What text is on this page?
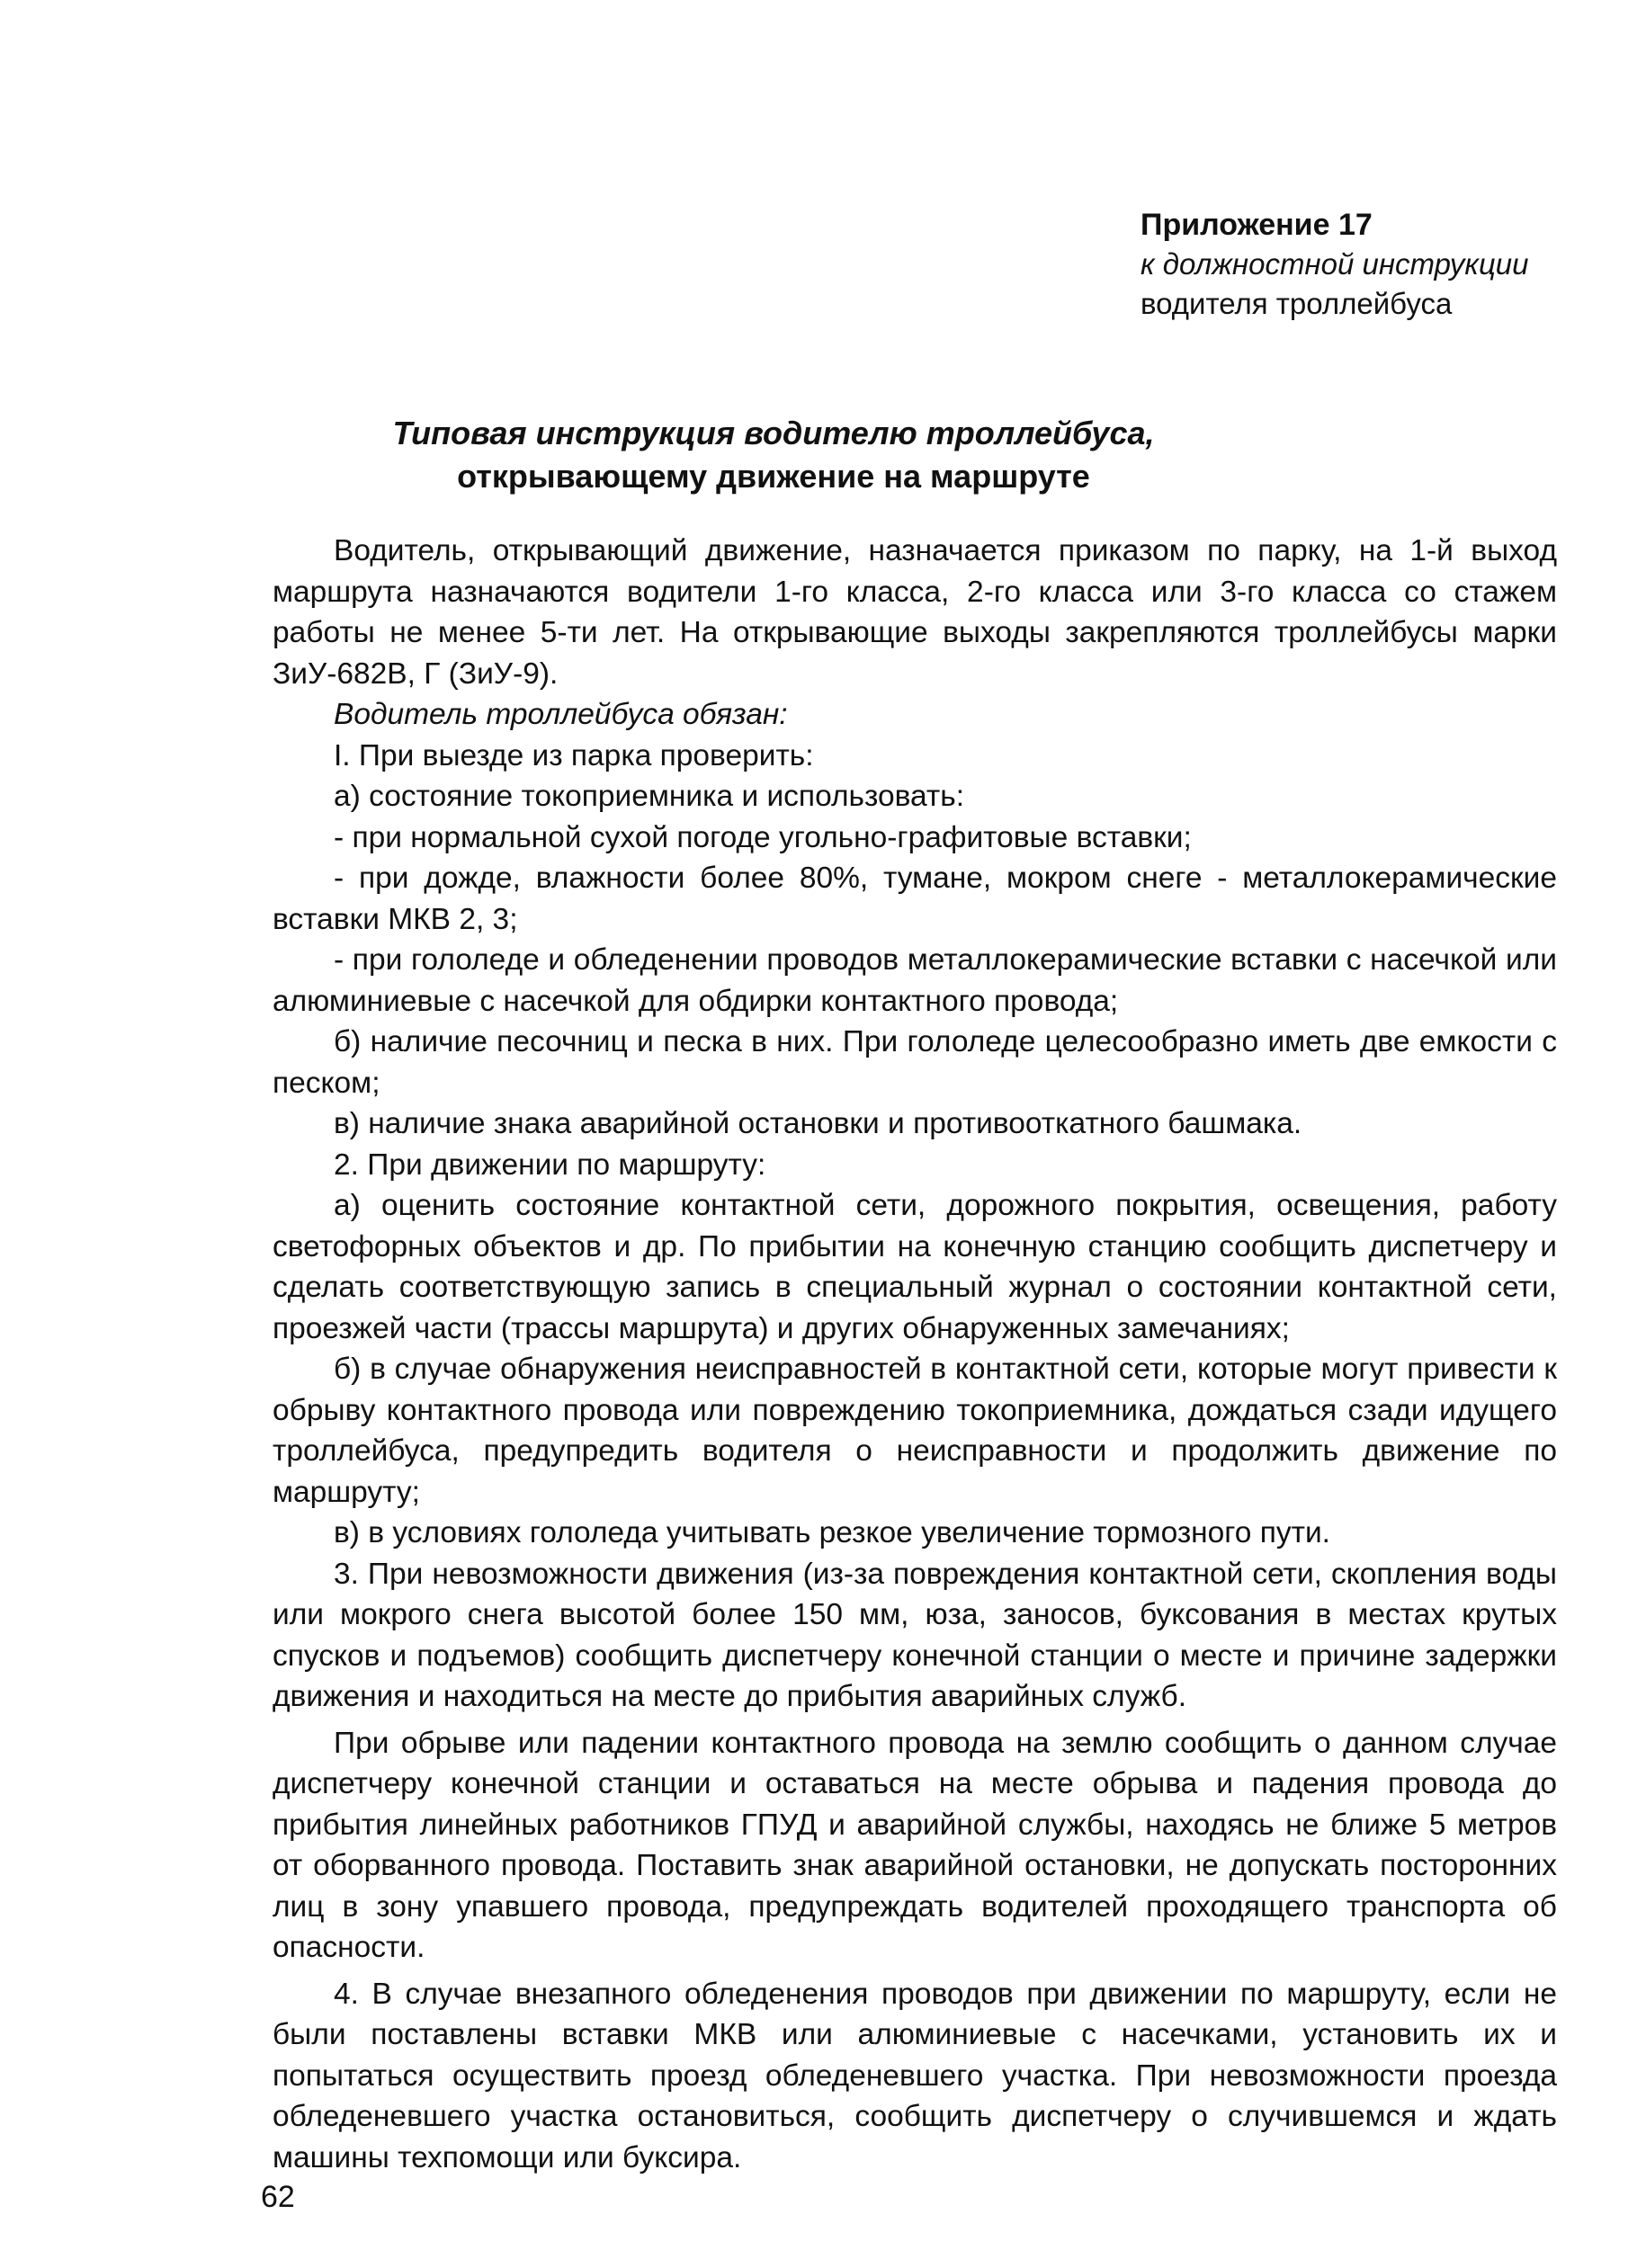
Приложение 17
к должностной инструкции
водителя троллейбуса
Типовая инструкция водителю троллейбуса,
открывающему движение на маршруте

Водитель, открывающий движение, назначается приказом по парку, на 1-й выход маршрута назначаются водители 1-го класса, 2-го класса или 3-го класса со стажем работы не менее 5-ти лет. На открывающие выходы закрепляются троллейбусы марки ЗиУ-682В, Г (ЗиУ-9).

Водитель троллейбуса обязан:

I. При выезде из парка проверить:

а) состояние токоприемника и использовать:

- при нормальной сухой погоде угольно-графитовые вставки;

- при дожде, влажности более 80%, тумане, мокром снеге - металлокерамические вставки МКВ 2, 3;

- при гололеде и обледенении проводов металлокерамические вставки с насечкой или алюминиевые с насечкой для обдирки контактного провода;

б) наличие песочниц и песка в них. При гололеде целесообразно иметь две емкости с песком;

в) наличие знака аварийной остановки и противооткатного башмака.

2. При движении по маршруту:

а) оценить состояние контактной сети, дорожного покрытия, освещения, работу светофорных объектов и др. По прибытии на конечную станцию сообщить диспетчеру и сделать соответствующую запись в специальный журнал о состоянии контактной сети, проезжей части (трассы маршрута) и других обнаруженных замечаниях;

б) в случае обнаружения неисправностей в контактной сети, которые могут привести к обрыву контактного провода или повреждению токоприемника, дождаться сзади идущего троллейбуса, предупредить водителя о неисправности и продолжить движение по маршруту;

в) в условиях гололеда учитывать резкое увеличение тормозного пути.

3. При невозможности движения (из-за повреждения контактной сети, скопления воды или мокрого снега высотой более 150 мм, юза, заносов, буксования в местах крутых спусков и подъемов) сообщить диспетчеру конечной станции о месте и причине задержки движения и находиться на месте до прибытия аварийных служб.

При обрыве или падении контактного провода на землю сообщить о данном случае диспетчеру конечной станции и оставаться на месте обрыва и падения провода до прибытия линейных работников ГПУД и аварийной службы, находясь не ближе 5 метров от оборванного провода. Поставить знак аварийной остановки, не допускать посторонних лиц в зону упавшего провода, предупреждать водителей проходящего транспорта об опасности.

4. В случае внезапного обледенения проводов при движении по маршруту, если не были поставлены вставки МКВ или алюминиевые с насечками, установить их и попытаться осуществить проезд обледеневшего участка. При невозможности проезда обледеневшего участка остановиться, сообщить диспетчеру о случившемся и ждать машины техпомощи или буксира.

62
